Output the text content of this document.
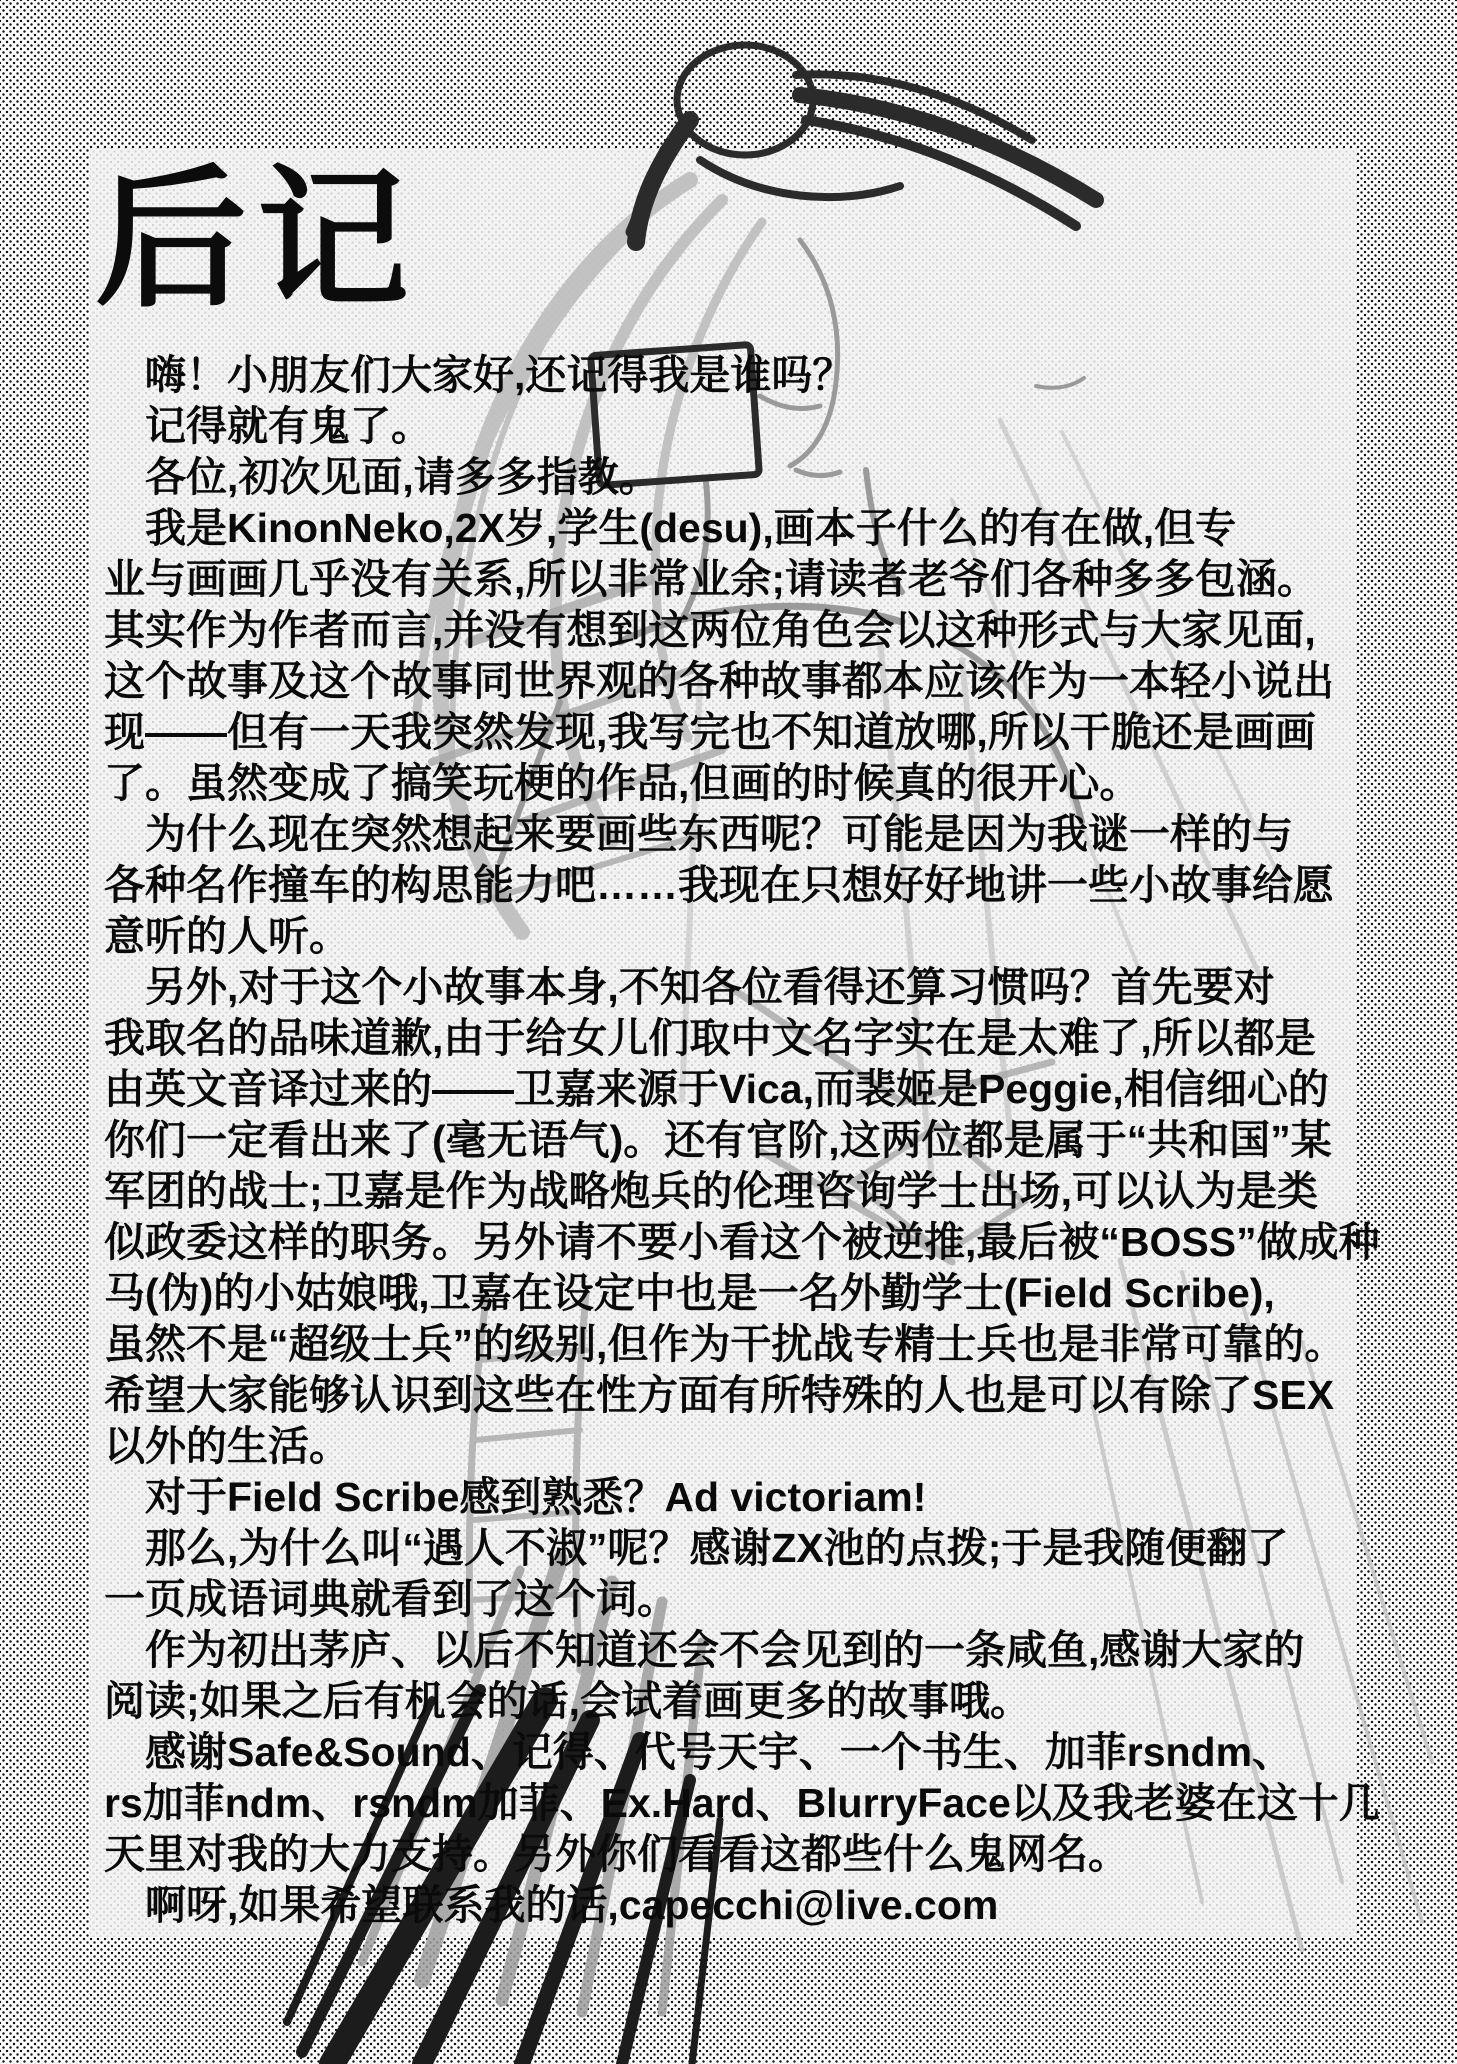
后记
　嗨！小朋友们大家好,还记得我是谁吗？
　记得就有鬼了。
　各位,初次见面,请多多指教。
　我是KinonNeko,2X岁,学生(desu),画本子什么的有在做,但专
业与画画几乎没有关系,所以非常业余;请读者老爷们各种多多包涵。
其实作为作者而言,并没有想到这两位角色会以这种形式与大家见面,
这个故事及这个故事同世界观的各种故事都本应该作为一本轻小说出
现——但有一天我突然发现,我写完也不知道放哪,所以干脆还是画画
了。虽然变成了搞笑玩梗的作品,但画的时候真的很开心。
　为什么现在突然想起来要画些东西呢？可能是因为我谜一样的与
各种名作撞车的构思能力吧……我现在只想好好地讲一些小故事给愿
意听的人听。
　另外,对于这个小故事本身,不知各位看得还算习惯吗？首先要对
我取名的品味道歉,由于给女儿们取中文名字实在是太难了,所以都是
由英文音译过来的——卫嘉来源于Vica,而裴姬是Peggie,相信细心的
你们一定看出来了(毫无语气)。还有官阶,这两位都是属于“共和国”某
军团的战士;卫嘉是作为战略炮兵的伦理咨询学士出场,可以认为是类
似政委这样的职务。另外请不要小看这个被逆推,最后被“BOSS”做成种
马(伪)的小姑娘哦,卫嘉在设定中也是一名外勤学士(Field Scribe),
虽然不是“超级士兵”的级别,但作为干扰战专精士兵也是非常可靠的。
希望大家能够认识到这些在性方面有所特殊的人也是可以有除了SEX
以外的生活。
　对于Field Scribe感到熟悉？Ad victoriam!
　那么,为什么叫“遇人不淑”呢？感谢ZX池的点拨;于是我随便翻了
一页成语词典就看到了这个词。
　作为初出茅庐、以后不知道还会不会见到的一条咸鱼,感谢大家的
阅读;如果之后有机会的话,会试着画更多的故事哦。
　感谢Safe&Sound、记得、代号天宇、一个书生、加菲rsndm、
rs加菲ndm、rsndm加菲、Ex.Hard、BlurryFace以及我老婆在这十几
天里对我的大力支持。另外你们看看这都些什么鬼网名。
　啊呀,如果希望联系我的话,capecchi@live.com
